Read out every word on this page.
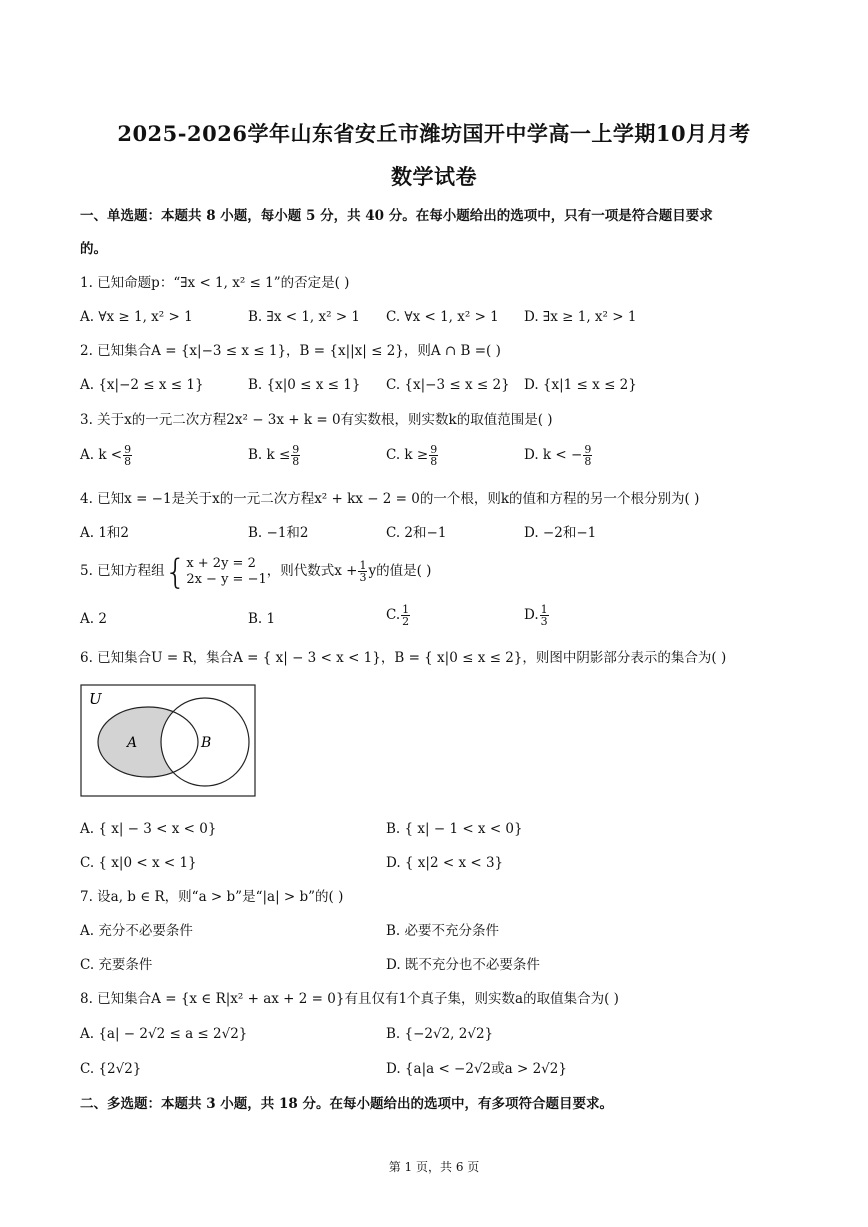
2025-2026学年山东省安丘市潍坊国开中学高一上学期10月月考
数学试卷
一、单选题：本题共 8 小题，每小题 5 分，共 40 分。在每小题给出的选项中，只有一项是符合题目要求
的。
1. 已知命题p：“∃x < 1, x² ≤ 1”的否定是( )
A. ∀x ≥ 1, x² > 1	B. ∃x < 1, x² > 1 C. ∀x < 1, x² > 1 D. ∃x ≥ 1, x² > 1
2. 已知集合A = {x|−3 ≤ x ≤ 1}，B = {x||x| ≤ 2}，则A ∩ B =( )
A. {x|−2 ≤ x ≤ 1}	B. {x|0 ≤ x ≤ 1} C. {x|−3 ≤ x ≤ 2} D. {x|1 ≤ x ≤ 2}
3. 关于x的一元二次方程2x² − 3x + k = 0有实数根，则实数k的取值范围是( )
A. $k < \frac{9}{8}$	B. $k \le \frac{9}{8}$	C. $k \ge \frac{9}{8}$	D. k < − $\frac{9}{8}$
4. 已知x = −1是关于x的一元二次方程x² + kx − 2 = 0的一个根，则k的值和方程的另一个根分别为( )
A. 1和2	B. −1和2	C. 2和−1	D. −2和−1
5. 已知方程组{ x + 2y = 2
2x − y = −1，则代数式$x + \frac{1}{3}$ y的值是( )
A. 2	B. 1	C. $\frac{1}{2}$	D. $\frac{1}{3}$
6. 已知集合U = R，集合A = { x| − 3 < x < 1}，B = { x|0 ≤ x ≤ 2}，则图中阴影部分表示的集合为( )
U
A	B
A. { x| − 3 < x < 0}	B. { x| − 1 < x < 0}
C. { x|0 < x < 1}	D. { x|2 < x < 3}
7. 设a, b ∈ R，则“a > b”是“|a| > b”的( )
A. 充分不必要条件	B. 必要不充分条件
C. 充要条件	D. 既不充分也不必要条件
8. 已知集合A = {x ∈ R|x² + ax + 2 = 0}有且仅有1个真子集，则实数a的取值集合为( )
A. {a| − 2√2 ≤ a ≤ 2√2}	B. {−2√2, 2√2}
C. {2√2}	D. {a|a < −2√2或a > 2√2}
二、多选题：本题共 3 小题，共 18 分。在每小题给出的选项中，有多项符合题目要求。
第 1 页，共 6 页
